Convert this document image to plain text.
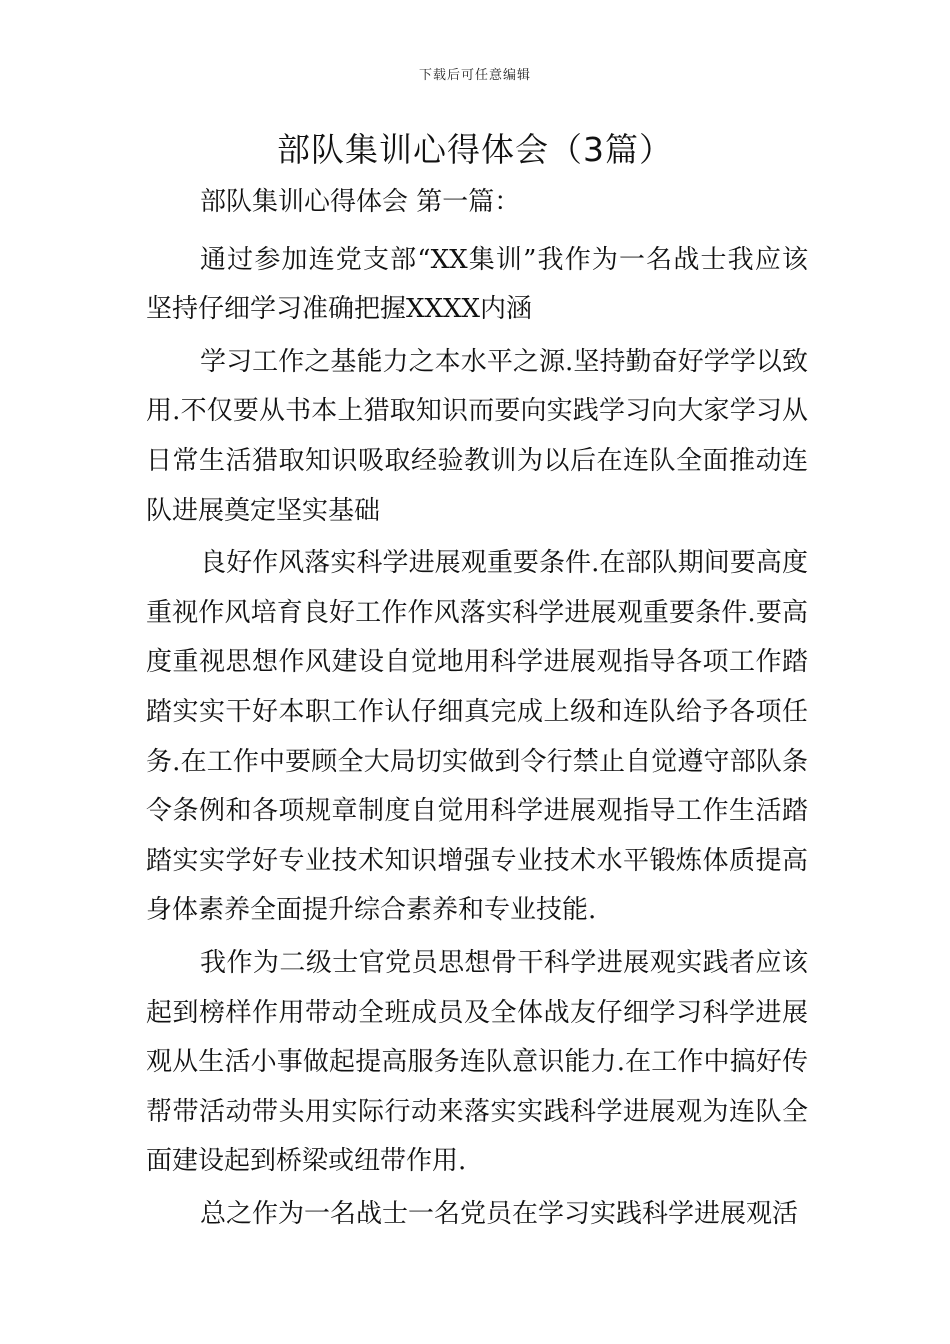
下载后可任意编辑
部队集训心得体会（3篇）

部队集训心得体会 第一篇：

通过参加连党支部“XX集训”我作为一名战士我应该坚持仔细学习准确把握XXXX内涵

学习工作之基能力之本水平之源.坚持勤奋好学学以致用.不仅要从书本上猎取知识而要向实践学习向大家学习从日常生活猎取知识吸取经验教训为以后在连队全面推动连队进展奠定坚实基础

良好作风落实科学进展观重要条件.在部队期间要高度重视作风培育良好工作作风落实科学进展观重要条件.要高度重视思想作风建设自觉地用科学进展观指导各项工作踏踏实实干好本职工作认仔细真完成上级和连队给予各项任务.在工作中要顾全大局切实做到令行禁止自觉遵守部队条令条例和各项规章制度自觉用科学进展观指导工作生活踏踏实实学好专业技术知识增强专业技术水平锻炼体质提高身体素养全面提升综合素养和专业技能.

我作为二级士官党员思想骨干科学进展观实践者应该起到榜样作用带动全班成员及全体战友仔细学习科学进展观从生活小事做起提高服务连队意识能力.在工作中搞好传帮带活动带头用实际行动来落实实践科学进展观为连队全面建设起到桥梁或纽带作用.

总之作为一名战士一名党员在学习实践科学进展观活
